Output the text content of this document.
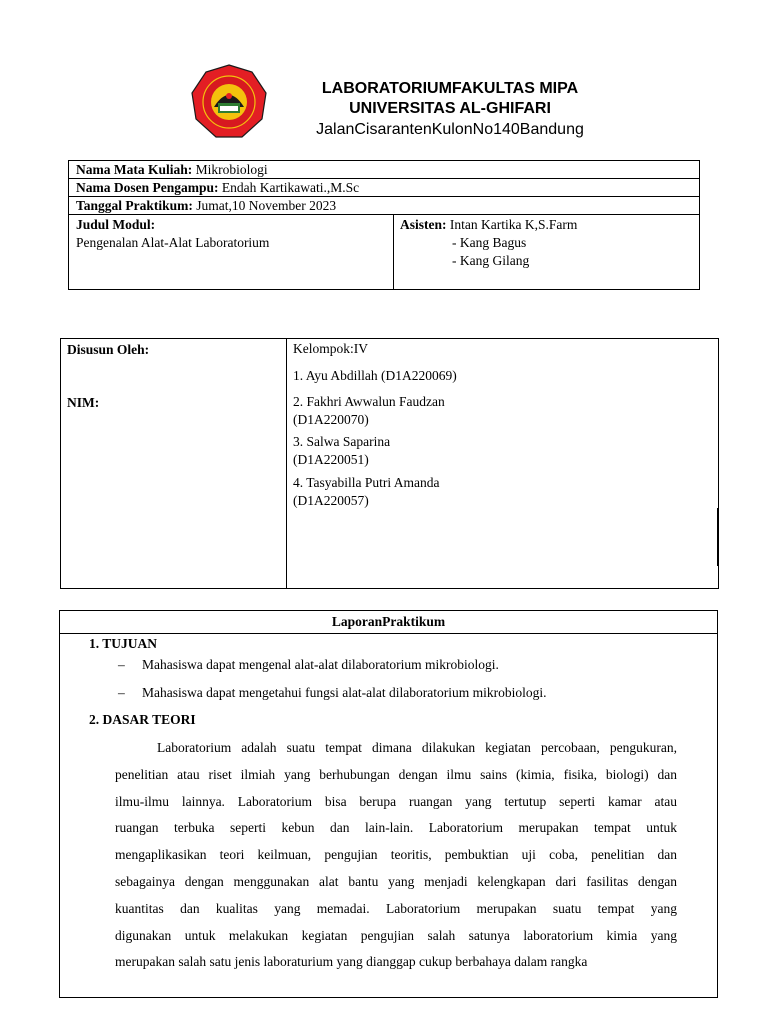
LABORATORIUMFAKULTAS MIPA
UNIVERSITAS AL-GHIFARI
JalanCisarantenKulonNo140Bandung
Nama Mata Kuliah: Mikrobiologi
Nama Dosen Pengampu: Endah Kartikawati.,M.Sc
Tanggal Praktikum: Jumat,10 November 2023
Judul Modul:
Pengenalan Alat-Alat Laboratorium
Asisten: Intan Kartika K,S.Farm
- Kang Bagus
- Kang Gilang
Disusun Oleh:
NIM:
Kelompok:IV
1. Ayu Abdillah (D1A220069)
2. Fakhri Awwalun Faudzan
(D1A220070)
3. Salwa Saparina
(D1A220051)
4. Tasyabilla Putri Amanda
(D1A220057)
LaporanPraktikum
1. TUJUAN
– Mahasiswa dapat mengenal alat-alat dilaboratorium mikrobiologi.
– Mahasiswa dapat mengetahui fungsi alat-alat dilaboratorium mikrobiologi.
2. DASAR TEORI
Laboratorium adalah suatu tempat dimana dilakukan kegiatan percobaan, pengukuran,
penelitian atau riset ilmiah yang berhubungan dengan ilmu sains (kimia, fisika, biologi) dan
ilmu-ilmu lainnya. Laboratorium bisa berupa ruangan yang tertutup seperti kamar atau
ruangan terbuka seperti kebun dan lain-lain. Laboratorium merupakan tempat untuk
mengaplikasikan teori keilmuan, pengujian teoritis, pembuktian uji coba, penelitian dan
sebagainya dengan menggunakan alat bantu yang menjadi kelengkapan dari fasilitas dengan
kuantitas dan kualitas yang memadai. Laboratorium merupakan suatu tempat yang
digunakan untuk melakukan kegiatan pengujian salah satunya laboratorium kimia yang
merupakan salah satu jenis laboraturium yang dianggap cukup berbahaya dalam rangka
